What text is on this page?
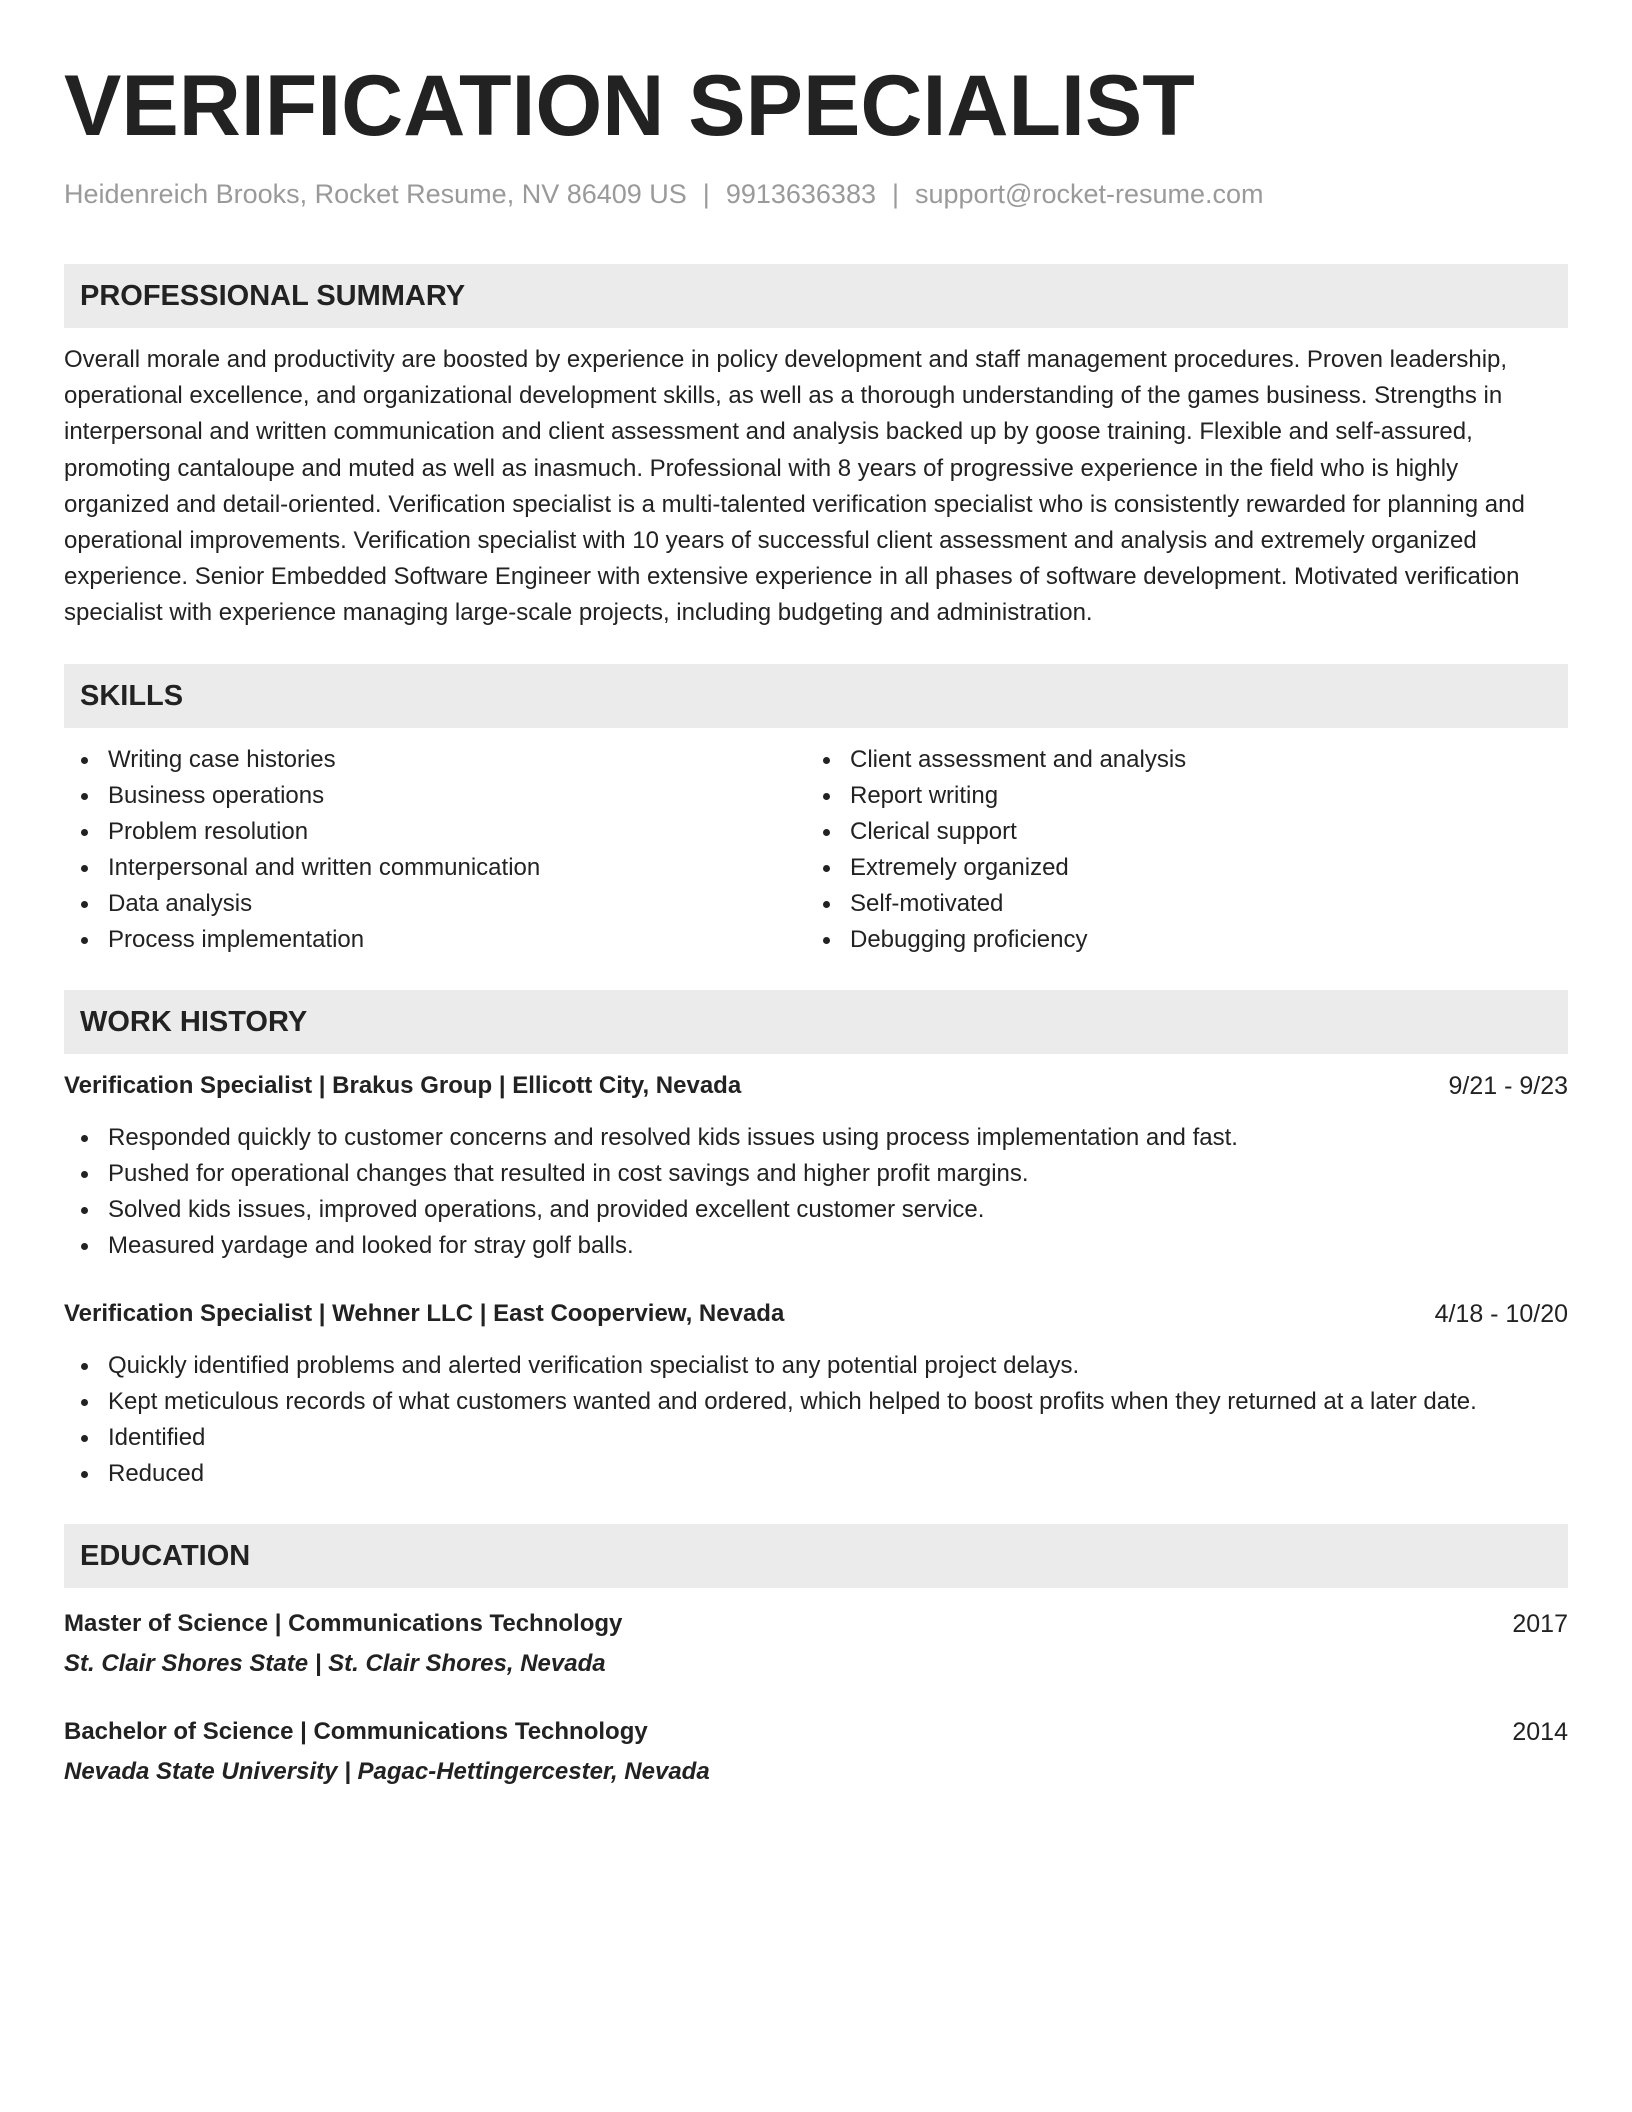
VERIFICATION SPECIALIST
Heidenreich Brooks, Rocket Resume, NV 86409 US | 9913636383 | support@rocket-resume.com
PROFESSIONAL SUMMARY

Overall morale and productivity are boosted by experience in policy development and staff management procedures. Proven leadership, operational excellence, and organizational development skills, as well as a thorough understanding of the games business. Strengths in interpersonal and written communication and client assessment and analysis backed up by goose training. Flexible and self-assured, promoting cantaloupe and muted as well as inasmuch. Professional with 8 years of progressive experience in the field who is highly organized and detail-oriented. Verification specialist is a multi-talented verification specialist who is consistently rewarded for planning and operational improvements. Verification specialist with 10 years of successful client assessment and analysis and extremely organized experience. Senior Embedded Software Engineer with extensive experience in all phases of software development. Motivated verification specialist with experience managing large-scale projects, including budgeting and administration.

SKILLS
Writing case histories
Business operations
Problem resolution
Interpersonal and written communication
Data analysis
Process implementation
Client assessment and analysis
Report writing
Clerical support
Extremely organized
Self-motivated
Debugging proficiency
WORK HISTORY
Verification Specialist | Brakus Group | Ellicott City, Nevada	9/21 - 9/23
Responded quickly to customer concerns and resolved kids issues using process implementation and fast.
Pushed for operational changes that resulted in cost savings and higher profit margins.
Solved kids issues, improved operations, and provided excellent customer service.
Measured yardage and looked for stray golf balls.
Verification Specialist | Wehner LLC | East Cooperview, Nevada	4/18 - 10/20
Quickly identified problems and alerted verification specialist to any potential project delays.
Kept meticulous records of what customers wanted and ordered, which helped to boost profits when they returned at a later date.
Identified
Reduced
EDUCATION
Master of Science | Communications Technology	2017
St. Clair Shores State | St. Clair Shores, Nevada
Bachelor of Science | Communications Technology	2014
Nevada State University | Pagac-Hettingercester, Nevada
